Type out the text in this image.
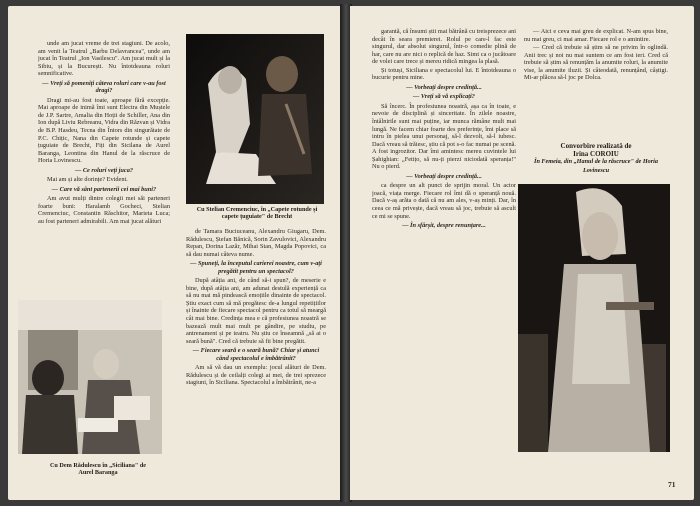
unde am jucat vreme de trei stagiuni. De acolo, am venit la Teatrul „Barbu Delavrancea", unde am jucat în Teatrul „Ion Vasilescu". Am jucat mult și la Sibiu, și la București. Nu întotdeauna roluri semnificative.

— Vreți să pomeniți câteva roluri care v-au fost dragi?

Dragi mi-au fost toate, aproape fără excepție. Mai aproape de inimă îmi sunt Electra din Muștele de J.P. Sartre, Amalia din Hoții de Schiller, Ana din Ion după Liviu Rebreanu, Vidra din Răzvan și Vidra de B.P. Hasdeu, Tecna din Întors din singurătate de P.C. Chițic, Nana din Capete rotunde și capete țuguiate de Brecht, Fiți din Sicilana de Aurel Baranga, Leontina din Hanul de la răscruce de Horia Lovinescu.

— Ce roluri veți juca?

Mai am și alte dorințe? Evident.

— Care vă sânt partenerii cei mai buni?

Am avut mulți dintre colegii mei săi parteneri foarte buni: Haralamb Gocheci, Stelian Cremenciuc, Constantin Răschitor, Marieta Luca; au fost parteneri admirabili. Am mai jucat alături

Cu Stelian Cremenciuc, în „Capete rotunde și capete țuguiate" de Brecht

de Tamara Buciuceanu, Alexandru Giugaru, Dem. Rădulescu, Ștefan Bănică, Sorin Zavulovici, Alexandru Repan, Dorina Lazăr, Mihai Stan, Magda Popovici, ca să dau numai câteva nume.

— Spuneți, la începutul carierei noastre, cum v-ați pregătit pentru un spectacol?

După atâția ani, de când să-i spun?, de meserie e bine, după atâția ani, am adunat destulă experiență ca să nu mai mă pindească emoțiile dinainte de spectacol. Știu exact cum să mă pregătesc de-a lungul repetițiilor și înainte de fiecare spectacol pentru ca totul să meargă cât mai bine. Credința mea e că profesiunea noastră se bazează mult mai mult pe gândire, pe studiu, pe antrenament și pe teatru. Nu știu ce înseamnă „să ai o seară bună". Cred că trebuie să fii bine pregătit.

— Fiecare seară e o seară bună? Chiar și atunci când spectacolul e îmbătrânit?

Am să vă dau un exemplu: jocul alături de Dem. Rădulescu și de ceilalți colegi ai mei, de trei sprezece stagiuni, în Siciliana. Spectacolul a îmbătrânit, ne-a

Cu Dem Rădulescu în „Siciliana" de Aurel Baranga

garantă, că însumi știi mai bătrână cu treisprezece ani decât în seara premierei. Rolul pe care-l fac este singurul, dar absolut singurul, într-o comedie plină de har, care nu are nici o replică de haz. Simt ca o jucătoare de volei care trece și mereu ridică mingea la plasă.

Și totuși, Siciliana e spectacolul lui. E întotdeauna o bucurie pentru mine.

— Vorbeați despre credință...

— Vreți să vă explicați?

Să încerc. În profesiunea noastră, așa ca în toate, e nevoie de disciplină și sinceritate. În zilele noastre, întâlnirile sunt mai puține, iar munca rămâne mult mai lungă. Ne facem chiar foarte des preferințe, îmi place să intru în pielea unui personaj, să-l dezvolt, să-l iubesc. Dacă vreau să trăiesc, știu că pot s-o fac numai pe scenă. A fost ingrozitor. Dar îmi amintesc mereu cuvintele lui Șahighian: „Fetițo, să nu-ți pierzi niciodată speranța!" Nu o pierd.

— Vorbeați despre credință...

ca despre un alt punct de sprijin moral. Un actor joacă, viața merge. Fiecare rol îmi dă o speranță nouă. Dacă v-aș arăta o dată că nu am ales, v-aș minți. Dar, în ceea ce mă privește, dacă vreau să joc, trebuie să ascult ce mi se spune.

— În sfârșit, despre renunțare...

— Aici e ceva mai greu de explicat. N-am spus bine, nu mai greu, ci mai amar. Fiecare rol e o amintire.

— Cred că trebuie să știm să ne privim în oglindă. Anii trec și noi nu mai suntem ce am fost ieri. Cred că trebuie să știm să renunțăm la anumite roluri, la anumite vise, la anumite iluzii. Și câteodată, renunțând, câștigi. Mi-ar plăcea să-l joc pe Dolca.

Convorbire realizată de
Irina COROIU
În Femeia, din „Hanul de la răscruce" de Horia Lovinescu
71
